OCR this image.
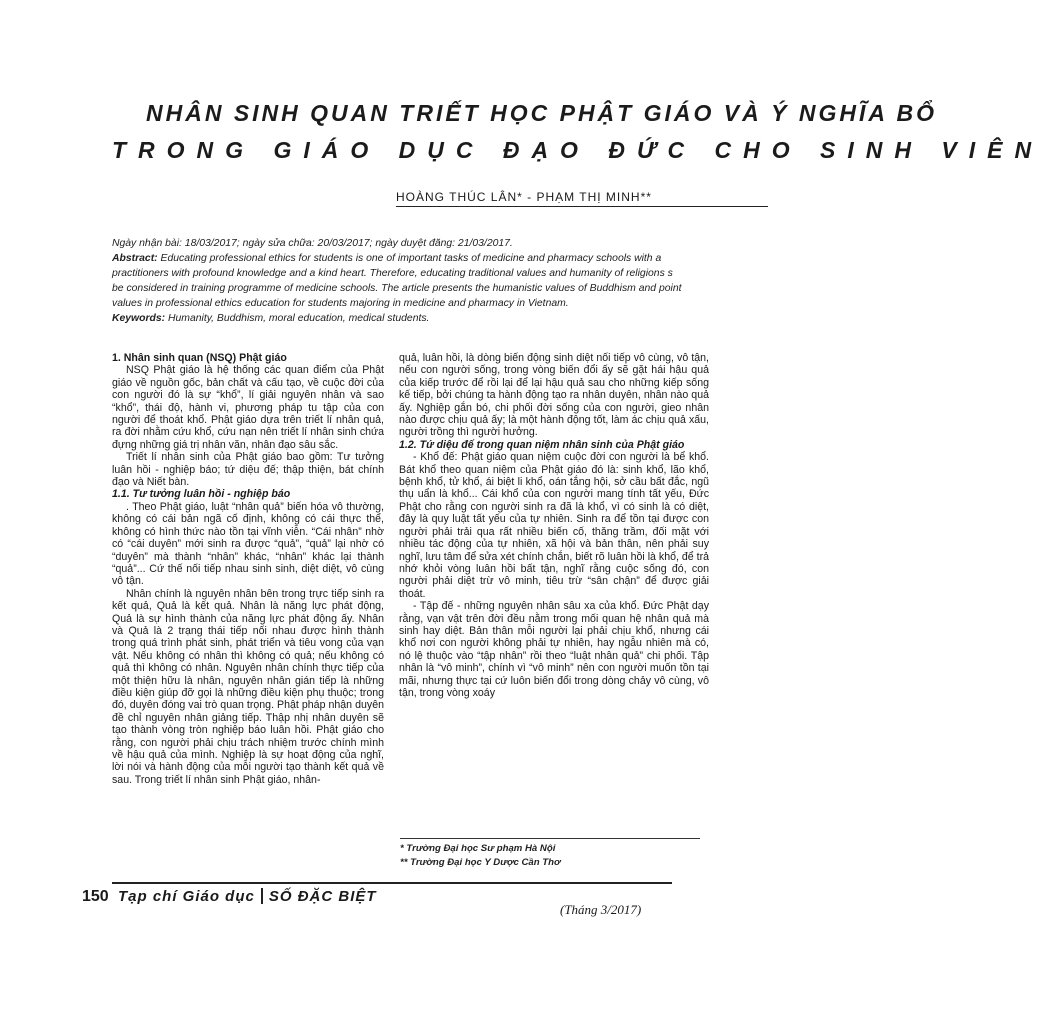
NHÂN SINH QUAN TRIẾT HỌC PHẬT GIÁO VÀ Ý NGHĨA BỔ
TRONG GIÁO DỤC ĐẠO ĐỨC CHO SINH VIÊN
HOÀNG THÚC LÂN* - PHẠM THỊ MINH**

Ngày nhận bài: 18/03/2017; ngày sửa chữa: 20/03/2017; ngày duyệt đăng: 21/03/2017.

Abstract: Educating professional ethics for students is one of important tasks of medicine and pharmacy schools with a

practitioners with profound knowledge and a kind heart. Therefore, educating traditional values and humanity of religions s

be considered in training programme of medicine schools. The article presents the humanistic values of Buddhism and point

values in professional ethics education for students majoring in medicine and pharmacy in Vietnam.

Keywords: Humanity, Buddhism, moral education, medical students.

1. Nhân sinh quan (NSQ) Phật giáo

NSQ Phật giáo là hệ thống các quan điểm của Phật giáo về nguồn gốc, bản chất và cấu tạo, về cuộc đời của con người đó là sự “khổ”, lí giải nguyên nhân và sao “khổ”, thái độ, hành vi, phương pháp tu tập của con người để thoát khổ. Phật giáo dựa trên triết lí nhân quả, ra đời nhằm cứu khổ, cứu nạn nên triết lí nhân sinh chứa đựng những giá trị nhân văn, nhân đạo sâu sắc.

Triết lí nhân sinh của Phật giáo bao gồm: Tư tưởng luân hồi - nghiệp báo; tứ diệu đế; thập thiện, bát chính đạo và Niết bàn.

1.1. Tư tưởng luân hồi - nghiệp báo

. Theo Phật giáo, luật “nhân quả” biến hóa vô thường, không có cái bản ngã cố định, không có cái thực thể, không có hình thức nào tồn tại vĩnh viễn. “Cái nhân” nhờ có “cái duyên” mới sinh ra được “quả”, “quả” lại nhờ có “duyên” mà thành “nhân” khác, “nhân” khác lại thành “quả”... Cứ thế nối tiếp nhau sinh sinh, diệt diệt, vô cùng vô tận.

Nhân chính là nguyên nhân bên trong trực tiếp sinh ra kết quả, Quả là kết quả. Nhân là năng lực phát động, Quả là sự hình thành của năng lực phát động ấy. Nhân và Quả là 2 trạng thái tiếp nối nhau được hình thành trong quá trình phát sinh, phát triển và tiêu vong của vạn vật. Nếu không có nhân thì không có quả; nếu không có quả thì không có nhân. Nguyên nhân chính thực tiếp của một thiện hữu là nhân, nguyên nhân gián tiếp là những điều kiện giúp đỡ gọi là những điều kiện phụ thuộc; trong đó, duyên đóng vai trò quan trọng. Phật pháp nhận duyên đề chỉ nguyên nhân giảng tiếp. Thập nhị nhân duyên sẽ tạo thành vòng tròn nghiệp báo luân hồi. Phật giáo cho rằng, con người phải chịu trách nhiệm trước chính mình về hậu quả của mình. Nghiệp là sự hoạt động của nghĩ, lời nói và hành động của mỗi người tạo thành kết quả về sau. Trong triết lí nhân sinh Phật giáo, nhân-

quả, luân hồi, là dòng biến động sinh diệt nối tiếp vô cùng, vô tận, nếu con người sống, trong vòng biến đổi ấy sẽ gặt hái hậu quả của kiếp trước để rồi lại để lại hậu quả sau cho những kiếp sống kế tiếp, bởi chúng ta hành động tạo ra nhân duyên, nhân nào quả ấy. Nghiệp gắn bó, chi phối đời sống của con người, gieo nhân nào được chịu quả ấy; là một hành động tốt, làm ác chịu quả xấu, người trồng thì người hưởng.

1.2. Tứ diệu đế trong quan niệm nhân sinh của Phật giáo

- Khổ đế: Phật giáo quan niệm cuộc đời con người là bể khổ. Bát khổ theo quan niệm của Phật giáo đó là: sinh khổ, lão khổ, bệnh khổ, tử khổ, ái biệt li khổ, oán tắng hội, sở cầu bất đắc, ngũ thụ uẩn là khổ... Cái khổ của con người mang tính tất yếu, Đức Phật cho rằng con người sinh ra đã là khổ, vì có sinh là có diệt, đây là quy luật tất yếu của tự nhiên. Sinh ra để tồn tại được con người phải trải qua rất nhiều biến cố, thăng trầm, đối mặt với nhiều tác động của tự nhiên, xã hội và bản thân, nên phải suy nghĩ, lưu tâm để sửa xét chính chắn, biết rõ luân hồi là khổ, để trả nhớ khỏi vòng luân hồi bất tận, nghĩ rằng cuộc sống đó, con người phải diệt trừ vô minh, tiêu trừ “sân chận” để được giải thoát.

- Tập đế - những nguyên nhân sâu xa của khổ. Đức Phật dạy rằng, vạn vật trên đời đều nằm trong mối quan hệ nhân quả mà sinh hay diệt. Bản thân mỗi người lại phải chịu khổ, nhưng cái khổ nơi con người không phải tự nhiên, hay ngẫu nhiên mà có, nó lệ thuộc vào “tập nhân” rồi theo “luật nhân quả” chi phối. Tập nhân là “vô minh”, chính vì “vô minh” nên con người muốn tồn tại mãi, nhưng thực tại cứ luôn biến đổi trong dòng chảy vô cùng, vô tận, trong vòng xoáy

* Trường Đại học Sư phạm Hà Nội

** Trường Đại học Y Dược Cần Thơ

150 Tạp chí Giáo dục SỐ ĐẶC BIỆT
(Tháng 3/2017)
